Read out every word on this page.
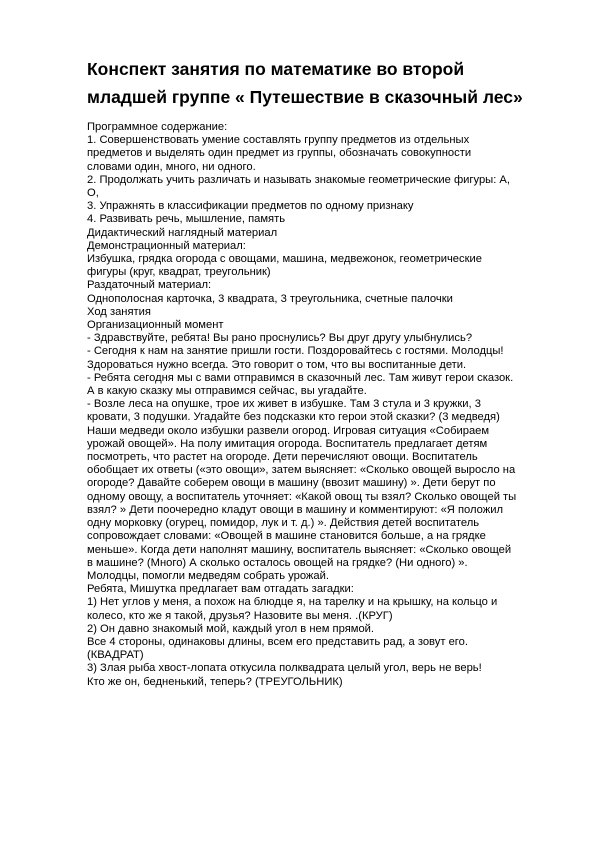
Конспект занятия по математике во второй
младшей группе « Путешествие в сказочный лес»
Программное содержание:
1. Совершенствовать умение составлять группу предметов из отдельных
предметов и выделять один предмет из группы, обозначать совокупности
словами один, много, ни одного.
2. Продолжать учить различать и называть знакомые геометрические фигуры: А,
О,
3. Упражнять в классификации предметов по одному признаку
4. Развивать речь, мышление, память
Дидактический наглядный материал
Демонстрационный материал:
Избушка, грядка огорода с овощами, машина, медвежонок, геометрические
фигуры (круг, квадрат, треугольник)
Раздаточный материал:
Однополосная карточка, 3 квадрата, 3 треугольника, счетные палочки
Ход занятия
Организационный момент
- Здравствуйте, ребята! Вы рано проснулись? Вы друг другу улыбнулись?
- Сегодня к нам на занятие пришли гости. Поздоровайтесь с гостями. Молодцы!
Здороваться нужно всегда. Это говорит о том, что вы воспитанные дети.
- Ребята сегодня мы с вами отправимся в сказочный лес. Там живут герои сказок.
А в какую сказку мы отправимся сейчас, вы угадайте.
- Возле леса на опушке, трое их живет в избушке. Там 3 стула и 3 кружки, 3
кровати, 3 подушки. Угадайте без подсказки кто герои этой сказки? (3 медведя)
Наши медведи около избушки развели огород. Игровая ситуация «Собираем
урожай овощей». На полу имитация огорода. Воспитатель предлагает детям
посмотреть, что растет на огороде. Дети перечисляют овощи. Воспитатель
обобщает их ответы («это овощи», затем выясняет: «Сколько овощей выросло на
огороде? Давайте соберем овощи в машину (ввозит машину) ». Дети берут по
одному овощу, а воспитатель уточняет: «Какой овощ ты взял? Сколько овощей ты
взял? » Дети поочередно кладут овощи в машину и комментируют: «Я положил
одну морковку (огурец, помидор, лук и т. д.) ». Действия детей воспитатель
сопровождает словами: «Овощей в машине становится больше, а на грядке
меньше». Когда дети наполнят машину, воспитатель выясняет: «Сколько овощей
в машине? (Много) А сколько осталось овощей на грядке? (Ни одного) ».
Молодцы, помогли медведям собрать урожай.
Ребята, Мишутка предлагает вам отгадать загадки:
1) Нет углов у меня, а похож на блюдце я, на тарелку и на крышку, на кольцо и
колесо, кто же я такой, друзья? Назовите вы меня. .(КРУГ)
2) Он давно знакомый мой, каждый угол в нем прямой.
Все 4 стороны, одинаковы длины, всем его представить рад, а зовут его.
(КВАДРАТ)
3) Злая рыба хвост-лопата откусила полквадрата целый угол, верь не верь!
Кто же он, бедненький, теперь? (ТРЕУГОЛЬНИК)
